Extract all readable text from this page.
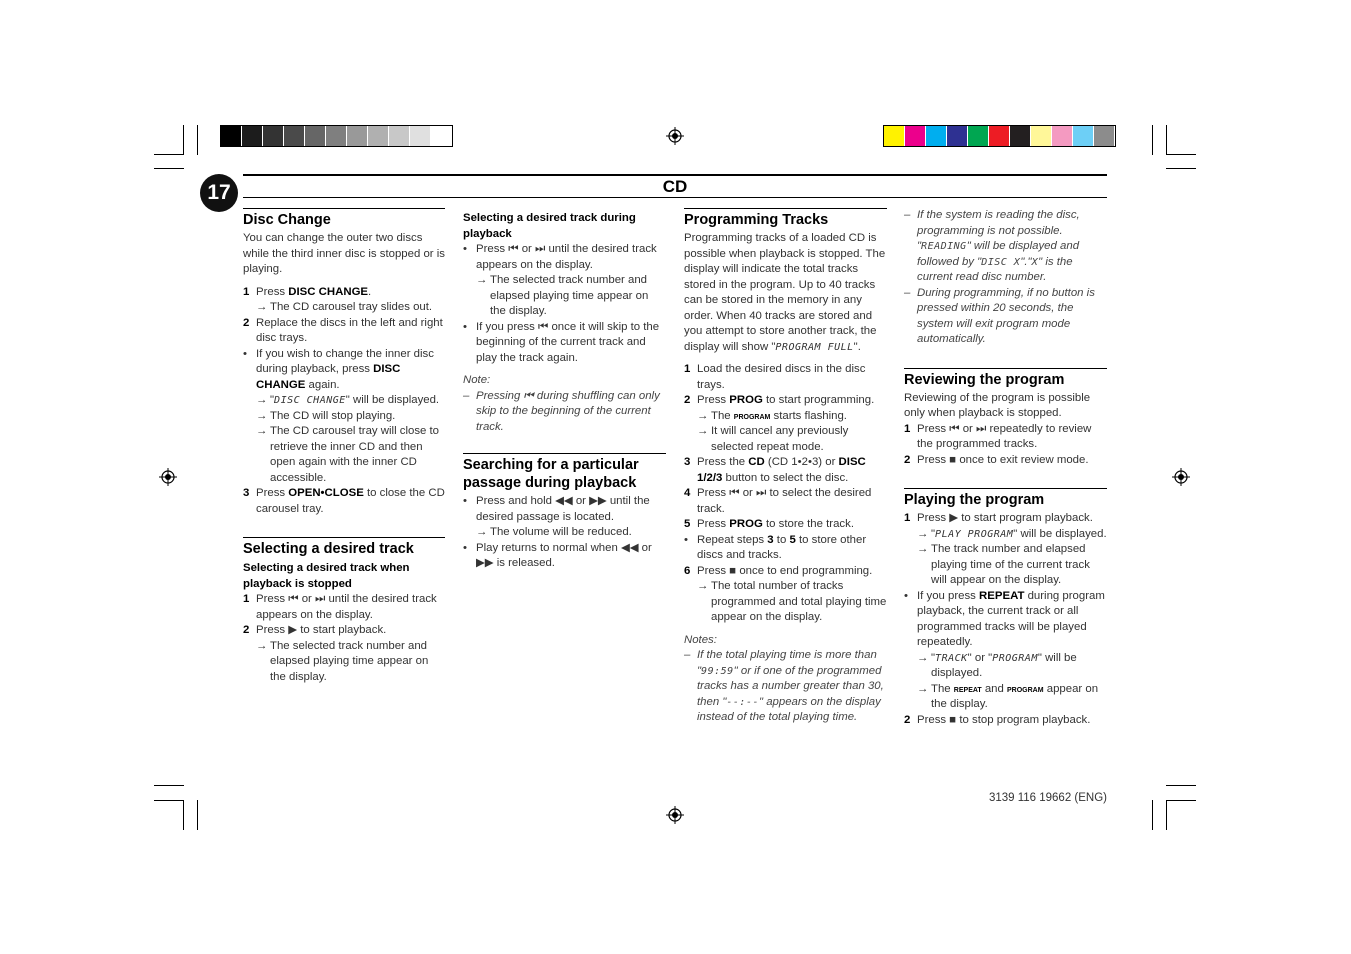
17	CD
Disc Change

You can change the outer two discs while the third inner disc is stopped or is playing.

1 Press DISC CHANGE.
→ The CD carousel tray slides out.
2 Replace the discs in the left and right disc trays.
• If you wish to change the inner disc during playback, press DISC CHANGE again.
→ "DISC CHANGE" will be displayed.
→ The CD will stop playing.
→ The CD carousel tray will close to retrieve the inner CD and then open again with the inner CD accessible.
3 Press OPEN•CLOSE to close the CD carousel tray.
Selecting a desired track
Selecting a desired track when playback is stopped
1 Press ⏮ or ⏭ until the desired track appears on the display.
2 Press ▶ to start playback.
→ The selected track number and elapsed playing time appear on the display.
Selecting a desired track during playback
• Press ⏮ or ⏭ until the desired track appears on the display.
→ The selected track number and elapsed playing time appear on the display.
• If you press ⏮ once it will skip to the beginning of the current track and play the track again.

Note:

– Pressing ⏮ during shuffling can only skip to the beginning of the current track.
Searching for a particular passage during playback
• Press and hold ◀◀ or ▶▶ until the desired passage is located.
→ The volume will be reduced.
• Play returns to normal when ◀◀ or ▶▶ is released.
Programming Tracks

Programming tracks of a loaded CD is possible when playback is stopped. The display will indicate the total tracks stored in the program. Up to 40 tracks can be stored in the memory in any order. When 40 tracks are stored and you attempt to store another track, the display will show "PROGRAM FULL".

1 Load the desired discs in the disc trays.
2 Press PROG to start programming.
→ The program starts flashing.
→ It will cancel any previously selected repeat mode.
3 Press the CD (CD 1•2•3) or DISC 1/2/3 button to select the disc.
4 Press ⏮ or ⏭ to select the desired track.
5 Press PROG to store the track.
• Repeat steps 3 to 5 to store other discs and tracks.
6 Press ■ once to end programming.
→ The total number of tracks programmed and total playing time appear on the display.

Notes:

– If the total playing time is more than "99:59" or if one of the programmed tracks has a number greater than 30, then "--:--" appears on the display instead of the total playing time.
– If the system is reading the disc, programming is not possible. "READING" will be displayed and followed by "DISC X"."X" is the current read disc number.
– During programming, if no button is pressed within 20 seconds, the system will exit program mode automatically.
Reviewing the program

Reviewing of the program is possible only when playback is stopped.

1 Press ⏮ or ⏭ repeatedly to review the programmed tracks.
2 Press ■ once to exit review mode.
Playing the program
1 Press ▶ to start program playback.
→ "PLAY PROGRAM" will be displayed.
→ The track number and elapsed playing time of the current track will appear on the display.
• If you press REPEAT during program playback, the current track or all programmed tracks will be played repeatedly.
→ "TRACK" or "PROGRAM" will be displayed.
→ The repeat and program appear on the display.
2 Press ■ to stop program playback.
3139 116 19662 (ENG)
